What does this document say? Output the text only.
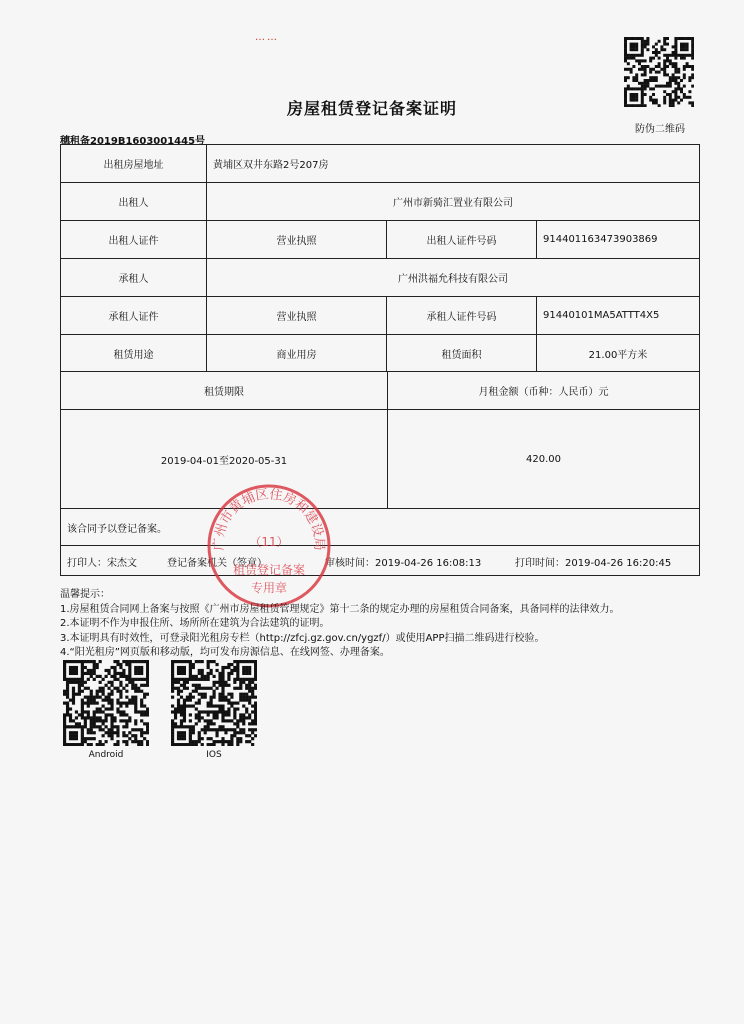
……
房屋租赁登记备案证明
穗租备2019B1603001445号
防伪二维码
出租房屋地址	黄埔区双井东路2号207房
出租人	广州市新骑汇置业有限公司
出租人证件	营业执照	出租人证件号码	914401163473903869
承租人	广州洪福允科技有限公司
承租人证件	营业执照	承租人证件号码	91440101MA5ATTT4X5
租赁用途	商业用房	租赁面积	21.00平方米
租赁期限	月租金额（币种：人民币）元
2019-04-01至2020-05-31	420.00
该合同予以登记备案。
打印人：宋杰文	登记备案机关（签章）	审核时间：2019-04-26 16:08:13	打印时间：2019-04-26 16:20:45
广州市黄埔区住房和建设局
（11）
租赁登记备案
专用章
温馨提示：
1.房屋租赁合同网上备案与按照《广州市房屋租赁管理规定》第十二条的规定办理的房屋租赁合同备案，具备同样的法律效力。
2.本证明不作为申报住所、场所所在建筑为合法建筑的证明。
3.本证明具有时效性，可登录阳光租房专栏（http://zfcj.gz.gov.cn/ygzf/）或使用APP扫描二维码进行校验。
4.“阳光租房”网页版和移动版，均可发布房源信息、在线网签、办理备案。
Android	IOS
